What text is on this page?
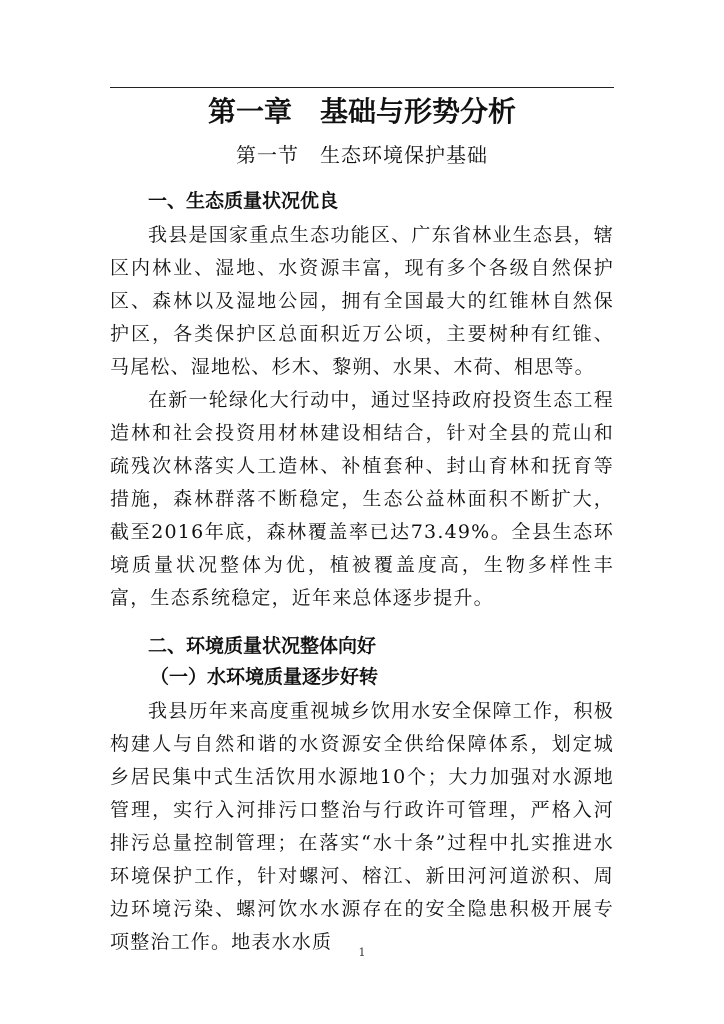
第一章　基础与形势分析
第一节　生态环境保护基础
一、生态质量状况优良

我县是国家重点生态功能区、广东省林业生态县，辖区内林业、湿地、水资源丰富，现有多个各级自然保护区、森林以及湿地公园，拥有全国最大的红锥林自然保护区，各类保护区总面积近万公顷，主要树种有红锥、马尾松、湿地松、杉木、黎朔、水果、木荷、相思等。

在新一轮绿化大行动中，通过坚持政府投资生态工程造林和社会投资用材林建设相结合，针对全县的荒山和疏残次林落实人工造林、补植套种、封山育林和抚育等措施，森林群落不断稳定，生态公益林面积不断扩大，截至2016年底，森林覆盖率已达73.49%。全县生态环境质量状况整体为优，植被覆盖度高，生物多样性丰富，生态系统稳定，近年来总体逐步提升。

二、环境质量状况整体向好
（一）水环境质量逐步好转

我县历年来高度重视城乡饮用水安全保障工作，积极构建人与自然和谐的水资源安全供给保障体系，划定城乡居民集中式生活饮用水源地10个；大力加强对水源地管理，实行入河排污口整治与行政许可管理，严格入河排污总量控制管理；在落实“水十条”过程中扎实推进水环境保护工作，针对螺河、榕江、新田河河道淤积、周边环境污染、螺河饮水水源存在的安全隐患积极开展专项整治工作。地表水水质	1
